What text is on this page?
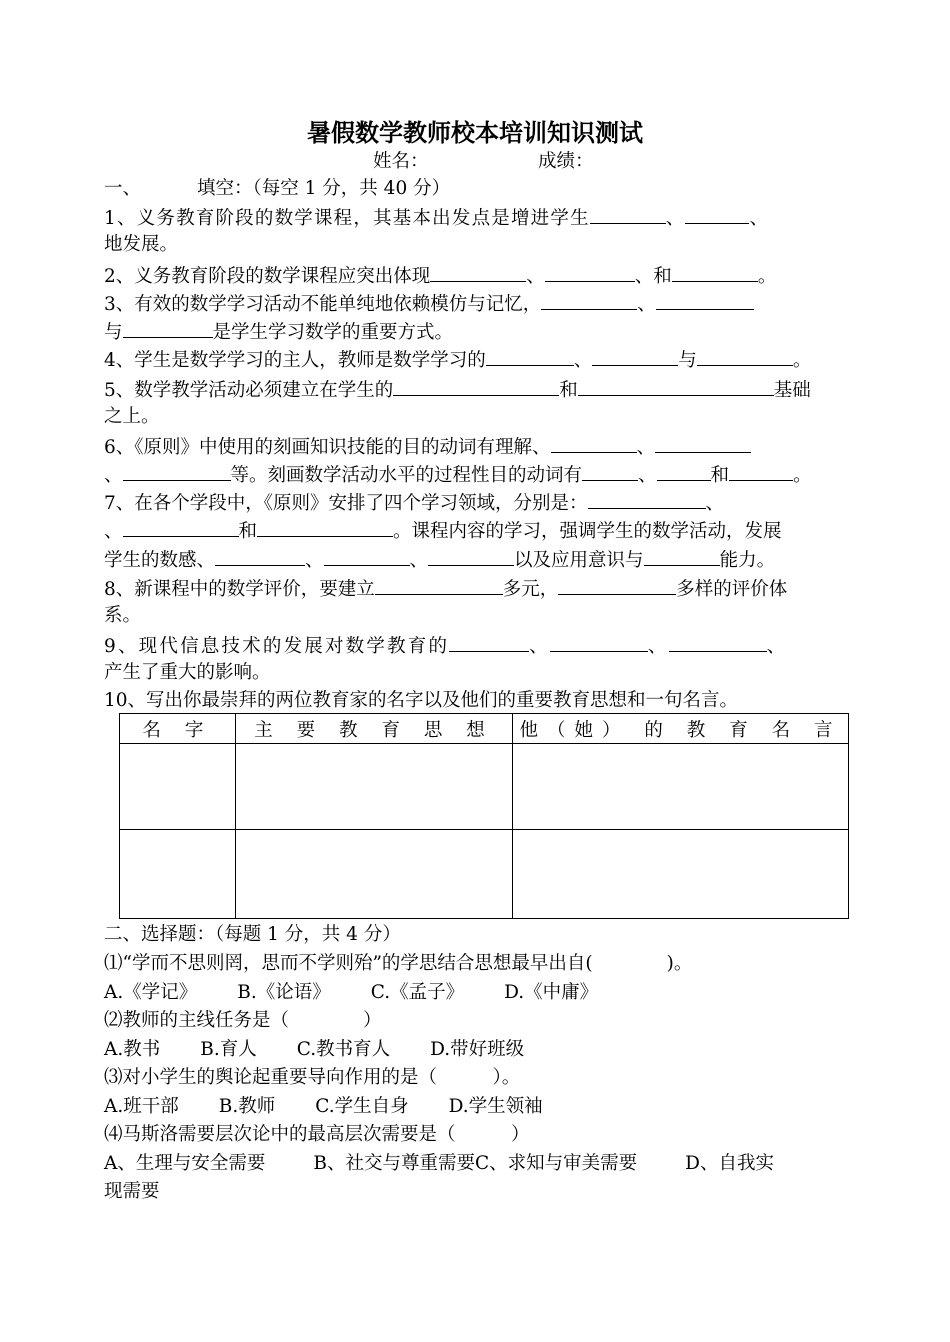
暑假数学教师校本培训知识测试
姓名：	成绩：
一、	填空：（每空 1 分，共 40 分）
1、义务教育阶段的数学课程，其基本出发点是增进学生	、	、
地发展。
2、义务教育阶段的数学课程应突出体现	、	、和	。
3、有效的数学学习活动不能单纯地依赖模仿与记忆，	、
与	是学生学习数学的重要方式。
4、学生是数学学习的主人，教师是数学学习的	、	与	。
5、数学教学活动必须建立在学生的	和	基础
之上。
6、《原则》中使用的刻画知识技能的目的动词有理解、	、
、	等。刻画数学活动水平的过程性目的动词有	、	和	。
7、在各个学段中，《原则》安排了四个学习领域，分别是：	、
、	和	。课程内容的学习，强调学生的数学活动，发展
学生的数感、	、	、	以及应用意识与	能力。
8、新课程中的数学评价，要建立	多元，	多样的评价体
系。
9、现代信息技术的发展对数学教育的	、	、	、
产生了重大的影响。
10、写出你最崇拜的两位教育家的名字以及他们的重要教育思想和一句名言。
名 字	主 要 教 育 思 想	他（她） 的 教 育 名 言

二、选择题：（每题 1 分，共 4 分）
⑴“学而不思则罔，思而不学则殆”的学思结合思想最早出自(　　　　)。
A.《学记》 B.《论语》 C.《孟子》 D.《中庸》
⑵教师的主线任务是（　　　　）
A.教书 B.育人 C.教书育人 D.带好班级
⑶对小学生的舆论起重要导向作用的是（　　　）。
A.班干部 B.教师 C.学生自身 D.学生领袖
⑷马斯洛需要层次论中的最高层次需要是（　　　）
A、生理与安全需要	B、社交与尊重需要C、求知与审美需要	D、自我实
现需要
